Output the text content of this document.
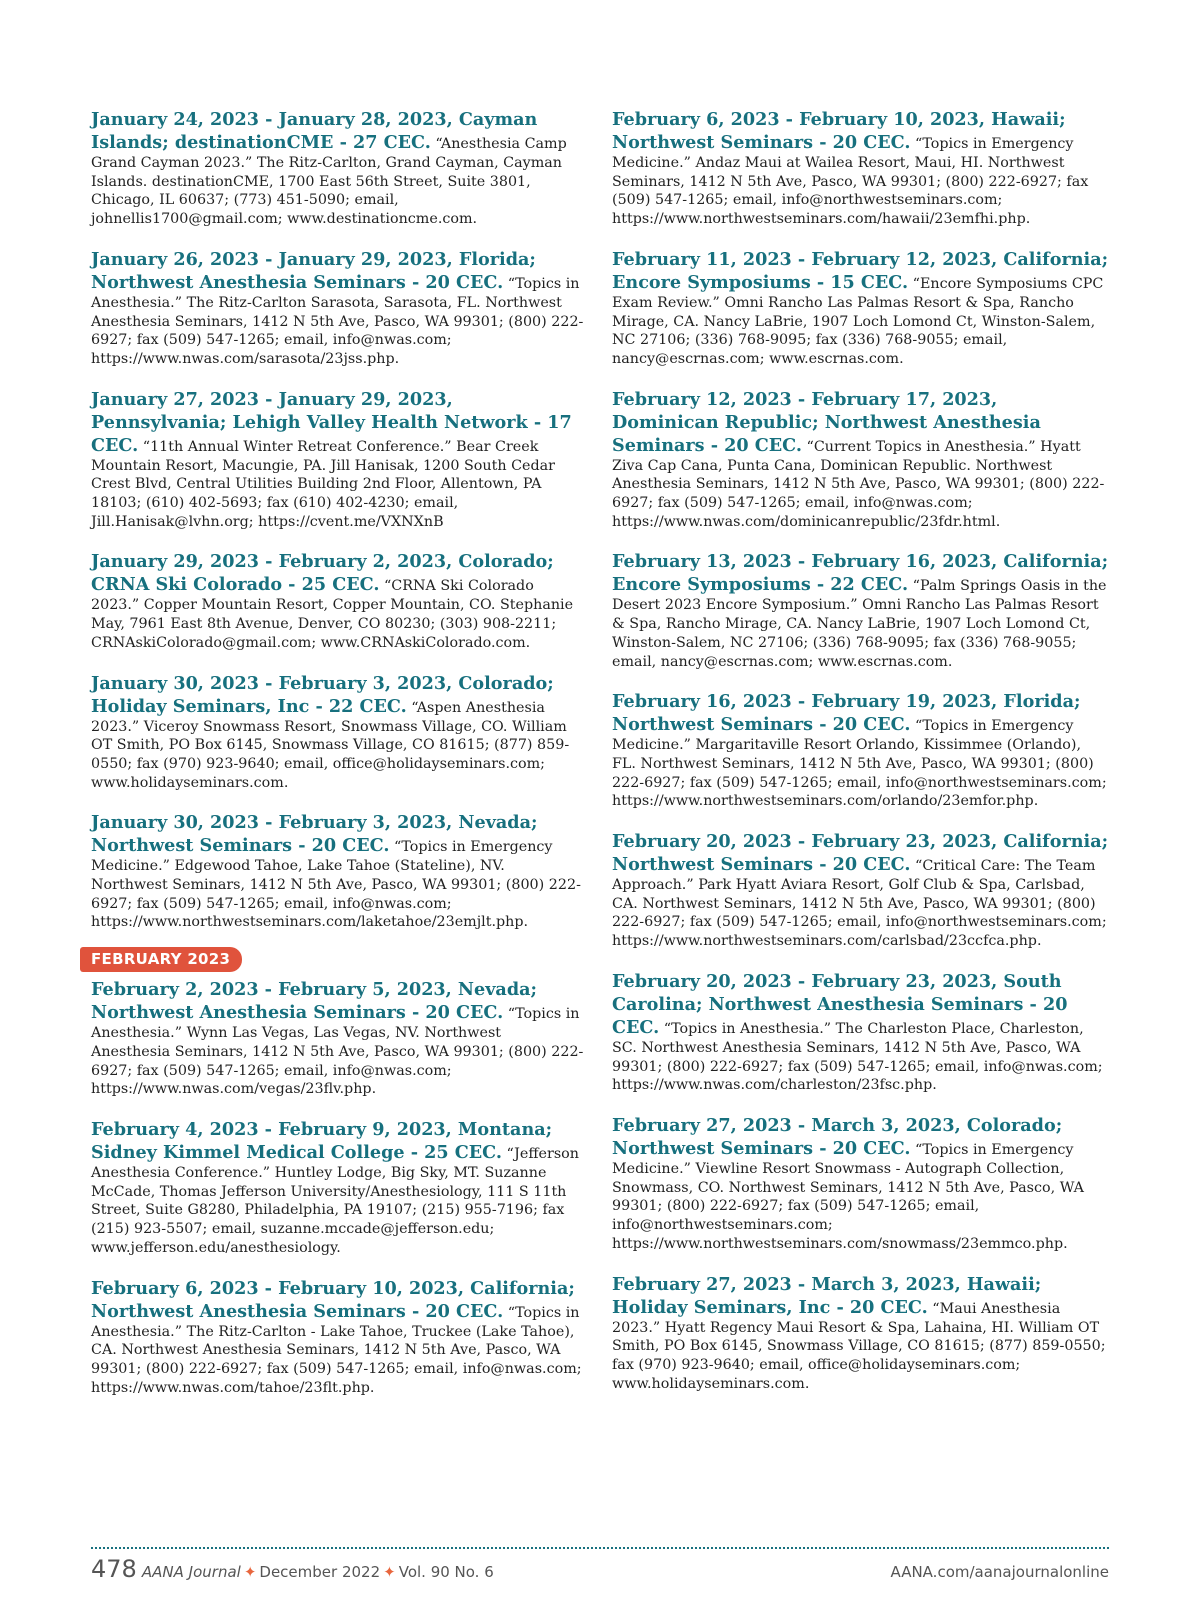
January 24, 2023 - January 28, 2023, Cayman Islands; destinationCME - 27 CEC. “Anesthesia Camp Grand Cayman 2023.” The Ritz-Carlton, Grand Cayman, Cayman Islands. destinationCME, 1700 East 56th Street, Suite 3801, Chicago, IL 60637; (773) 451-5090; email, johnellis1700@gmail.com; www.destinationcme.com.
January 26, 2023 - January 29, 2023, Florida; Northwest Anesthesia Seminars - 20 CEC. “Topics in Anesthesia.” The Ritz-Carlton Sarasota, Sarasota, FL. Northwest Anesthesia Seminars, 1412 N 5th Ave, Pasco, WA 99301; (800) 222-6927; fax (509) 547-1265; email, info@nwas.com; https://www.nwas.com/sarasota/23jss.php.
January 27, 2023 - January 29, 2023, Pennsylvania; Lehigh Valley Health Network - 17 CEC. “11th Annual Winter Retreat Conference.” Bear Creek Mountain Resort, Macungie, PA. Jill Hanisak, 1200 South Cedar Crest Blvd, Central Utilities Building 2nd Floor, Allentown, PA 18103; (610) 402-5693; fax (610) 402-4230; email, Jill.Hanisak@lvhn.org; https://cvent.me/VXNXnB
January 29, 2023 - February 2, 2023, Colorado; CRNA Ski Colorado - 25 CEC. “CRNA Ski Colorado 2023.” Copper Mountain Resort, Copper Mountain, CO. Stephanie May, 7961 East 8th Avenue, Denver, CO 80230; (303) 908-2211; CRNAskiColorado@gmail.com; www.CRNAskiColorado.com.
January 30, 2023 - February 3, 2023, Colorado; Holiday Seminars, Inc - 22 CEC. “Aspen Anesthesia 2023.” Viceroy Snowmass Resort, Snowmass Village, CO. William OT Smith, PO Box 6145, Snowmass Village, CO 81615; (877) 859-0550; fax (970) 923-9640; email, office@holidayseminars.com; www.holidayseminars.com.
January 30, 2023 - February 3, 2023, Nevada; Northwest Seminars - 20 CEC. “Topics in Emergency Medicine.” Edgewood Tahoe, Lake Tahoe (Stateline), NV. Northwest Seminars, 1412 N 5th Ave, Pasco, WA 99301; (800) 222-6927; fax (509) 547-1265; email, info@nwas.com; https://www.northwestseminars.com/laketahoe/23emjlt.php.
FEBRUARY 2023
February 2, 2023 - February 5, 2023, Nevada; Northwest Anesthesia Seminars - 20 CEC. “Topics in Anesthesia.” Wynn Las Vegas, Las Vegas, NV. Northwest Anesthesia Seminars, 1412 N 5th Ave, Pasco, WA 99301; (800) 222-6927; fax (509) 547-1265; email, info@nwas.com; https://www.nwas.com/vegas/23flv.php.
February 4, 2023 - February 9, 2023, Montana; Sidney Kimmel Medical College - 25 CEC. “Jefferson Anesthesia Conference.” Huntley Lodge, Big Sky, MT. Suzanne McCade, Thomas Jefferson University/Anesthesiology, 111 S 11th Street, Suite G8280, Philadelphia, PA 19107; (215) 955-7196; fax (215) 923-5507; email, suzanne.mccade@jefferson.edu; www.jefferson.edu/anesthesiology.
February 6, 2023 - February 10, 2023, California; Northwest Anesthesia Seminars - 20 CEC. “Topics in Anesthesia.” The Ritz-Carlton - Lake Tahoe, Truckee (Lake Tahoe), CA. Northwest Anesthesia Seminars, 1412 N 5th Ave, Pasco, WA 99301; (800) 222-6927; fax (509) 547-1265; email, info@nwas.com; https://www.nwas.com/tahoe/23flt.php.
February 6, 2023 - February 10, 2023, Hawaii; Northwest Seminars - 20 CEC. “Topics in Emergency Medicine.” Andaz Maui at Wailea Resort, Maui, HI. Northwest Seminars, 1412 N 5th Ave, Pasco, WA 99301; (800) 222-6927; fax (509) 547-1265; email, info@northwestseminars.com; https://www.northwestseminars.com/hawaii/23emfhi.php.
February 11, 2023 - February 12, 2023, California; Encore Symposiums - 15 CEC. “Encore Symposiums CPC Exam Review.” Omni Rancho Las Palmas Resort & Spa, Rancho Mirage, CA. Nancy LaBrie, 1907 Loch Lomond Ct, Winston-Salem, NC 27106; (336) 768-9095; fax (336) 768-9055; email, nancy@escrnas.com; www.escrnas.com.
February 12, 2023 - February 17, 2023, Dominican Republic; Northwest Anesthesia Seminars - 20 CEC. “Current Topics in Anesthesia.” Hyatt Ziva Cap Cana, Punta Cana, Dominican Republic. Northwest Anesthesia Seminars, 1412 N 5th Ave, Pasco, WA 99301; (800) 222-6927; fax (509) 547-1265; email, info@nwas.com; https://www.nwas.com/dominicanrepublic/23fdr.html.
February 13, 2023 - February 16, 2023, California; Encore Symposiums - 22 CEC. “Palm Springs Oasis in the Desert 2023 Encore Symposium.” Omni Rancho Las Palmas Resort & Spa, Rancho Mirage, CA. Nancy LaBrie, 1907 Loch Lomond Ct, Winston-Salem, NC 27106; (336) 768-9095; fax (336) 768-9055; email, nancy@escrnas.com; www.escrnas.com.
February 16, 2023 - February 19, 2023, Florida; Northwest Seminars - 20 CEC. “Topics in Emergency Medicine.” Margaritaville Resort Orlando, Kissimmee (Orlando), FL. Northwest Seminars, 1412 N 5th Ave, Pasco, WA 99301; (800) 222-6927; fax (509) 547-1265; email, info@northwestseminars.com; https://www.northwestseminars.com/orlando/23emfor.php.
February 20, 2023 - February 23, 2023, California; Northwest Seminars - 20 CEC. “Critical Care: The Team Approach.” Park Hyatt Aviara Resort, Golf Club & Spa, Carlsbad, CA. Northwest Seminars, 1412 N 5th Ave, Pasco, WA 99301; (800) 222-6927; fax (509) 547-1265; email, info@northwestseminars.com; https://www.northwestseminars.com/carlsbad/23ccfca.php.
February 20, 2023 - February 23, 2023, South Carolina; Northwest Anesthesia Seminars - 20 CEC. “Topics in Anesthesia.” The Charleston Place, Charleston, SC. Northwest Anesthesia Seminars, 1412 N 5th Ave, Pasco, WA 99301; (800) 222-6927; fax (509) 547-1265; email, info@nwas.com; https://www.nwas.com/charleston/23fsc.php.
February 27, 2023 - March 3, 2023, Colorado; Northwest Seminars - 20 CEC. “Topics in Emergency Medicine.” Viewline Resort Snowmass - Autograph Collection, Snowmass, CO. Northwest Seminars, 1412 N 5th Ave, Pasco, WA 99301; (800) 222-6927; fax (509) 547-1265; email, info@northwestseminars.com; https://www.northwestseminars.com/snowmass/23emmco.php.
February 27, 2023 - March 3, 2023, Hawaii; Holiday Seminars, Inc - 20 CEC. “Maui Anesthesia 2023.” Hyatt Regency Maui Resort & Spa, Lahaina, HI. William OT Smith, PO Box 6145, Snowmass Village, CO 81615; (877) 859-0550; fax (970) 923-9640; email, office@holidayseminars.com; www.holidayseminars.com.
478 AANA Journal ✦ December 2022 ✦ Vol. 90 No. 6	AANA.com/aanajournalonline
